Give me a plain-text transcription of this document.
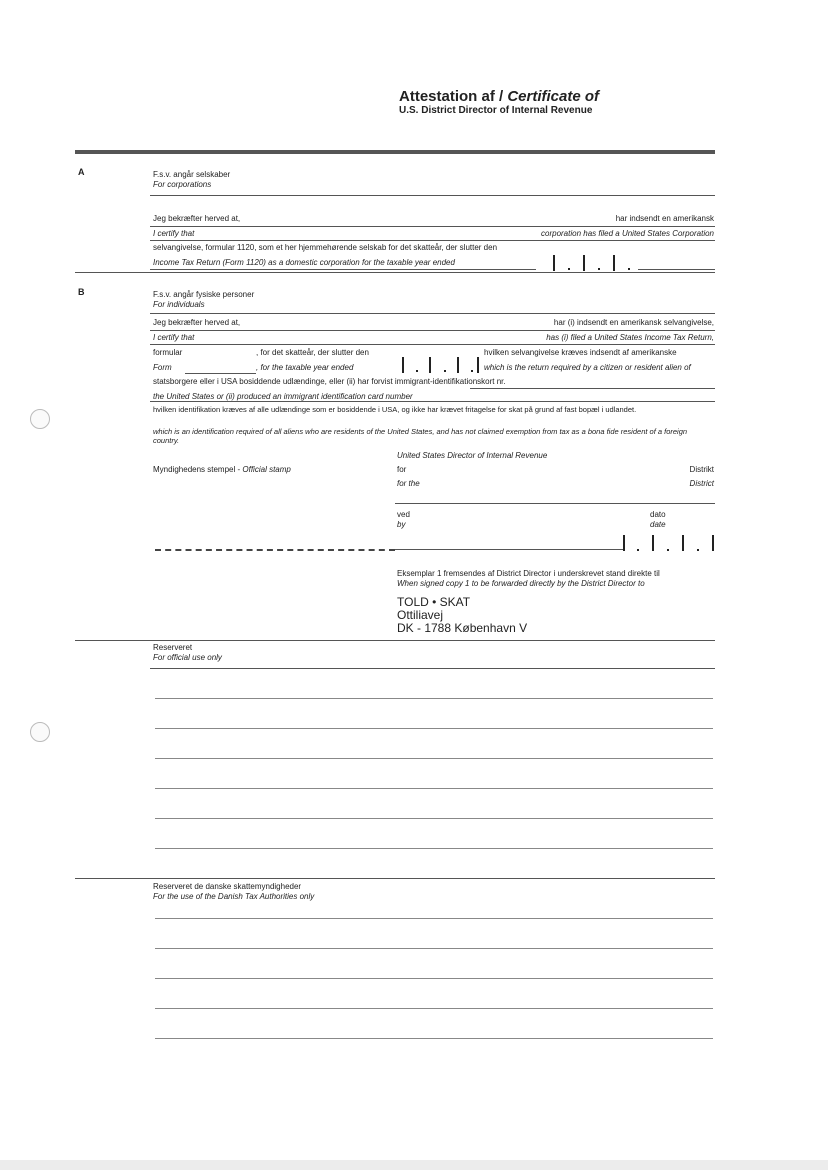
Attestation af / Certificate of
U.S. District Director of Internal Revenue
A	F.s.v. angår selskaber
For corporations
Jeg bekræfter herved at,	har indsendt en amerikansk
I certify that	corporation has filed a United States Corporation
selvangivelse, formular 1120, som et her hjemmehørende selskab for det skatteår, der slutter den
Income Tax Return (Form 1120) as a domestic corporation for the taxable year ended
B	F.s.v. angår fysiske personer
For individuals
Jeg bekræfter herved at,	har (i) indsendt en amerikansk selvangivelse,
I certify that	has (i) filed a United States Income Tax Return,
formular	, for det skatteår, der slutter den	hvilken selvangivelse kræves indsendt af amerikanske
Form	, for the taxable year ended	which is the return required by a citizen or resident alien of
statsborgere eller i USA bosiddende udlændinge, eller (ii) har forvist immigrant-identifikationskort nr.
the United States or (ii) produced an immigrant identification card number
hvilken identifikation kræves af alle udlændinge som er bosiddende i USA, og ikke har krævet fritagelse for skat på grund af fast bopæl i udlandet.
which is an identification required of all aliens who are residents of the United States, and has not claimed exemption from tax as a bona fide resident of a foreign country.
United States Director of Internal Revenue
Myndighedens stempel - Official stamp	for	Distrikt
for the	District
ved	dato
by	date
Eksemplar 1 fremsendes af District Director i underskrevet stand direkte til
When signed copy 1 to be forwarded directly by the District Director to
TOLD • SKAT
Ottiliavej
DK - 1788 København V
Reserveret
For official use only
Reserveret de danske skattemyndigheder
For the use of the Danish Tax Authorities only
